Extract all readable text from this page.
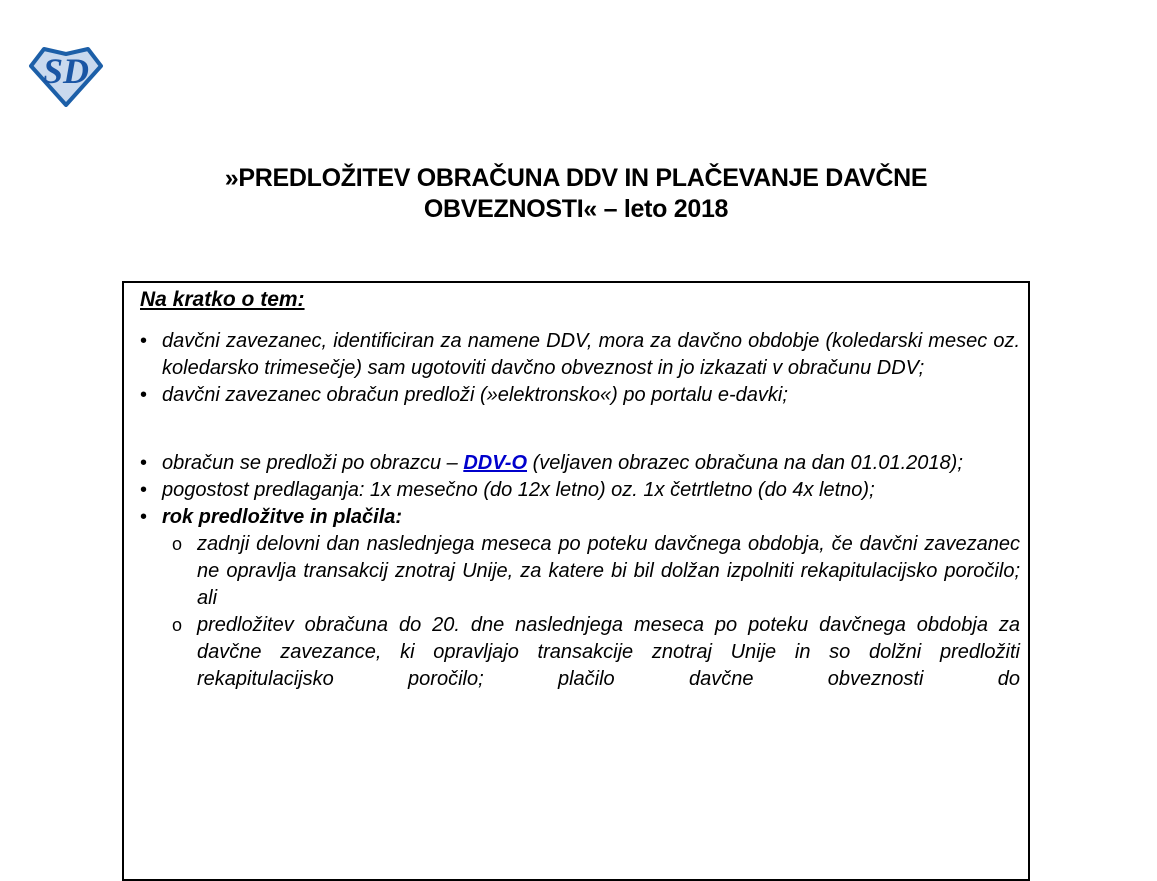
SD
»PREDLOŽITEV OBRAČUNA DDV IN PLAČEVANJE DAVČNE
OBVEZNOSTI« – leto 2018
Na kratko o tem:
• davčni zavezanec, identificiran za namene DDV, mora za davčno obdobje (koledarski mesec oz. koledarsko trimesečje) sam ugotoviti davčno obveznost in jo izkazati v obračunu DDV;
• davčni zavezanec obračun predloži (»elektronsko«) po portalu e-davki;
• obračun se predloži po obrazcu – DDV-O (veljaven obrazec obračuna na dan 01.01.2018);
• pogostost predlaganja: 1x mesečno (do 12x letno) oz. 1x četrtletno (do 4x letno);
• rok predložitve in plačila:
o zadnji delovni dan naslednjega meseca po poteku davčnega obdobja, če davčni zavezanec ne opravlja transakcij znotraj Unije, za katere bi bil dolžan izpolniti rekapitulacijsko poročilo; ali
o predložitev obračuna do 20. dne naslednjega meseca po poteku davčnega obdobja za davčne zavezance, ki opravljajo transakcije znotraj Unije in so dolžni predložiti rekapitulacijsko poročilo; plačilo davčne obveznosti do
